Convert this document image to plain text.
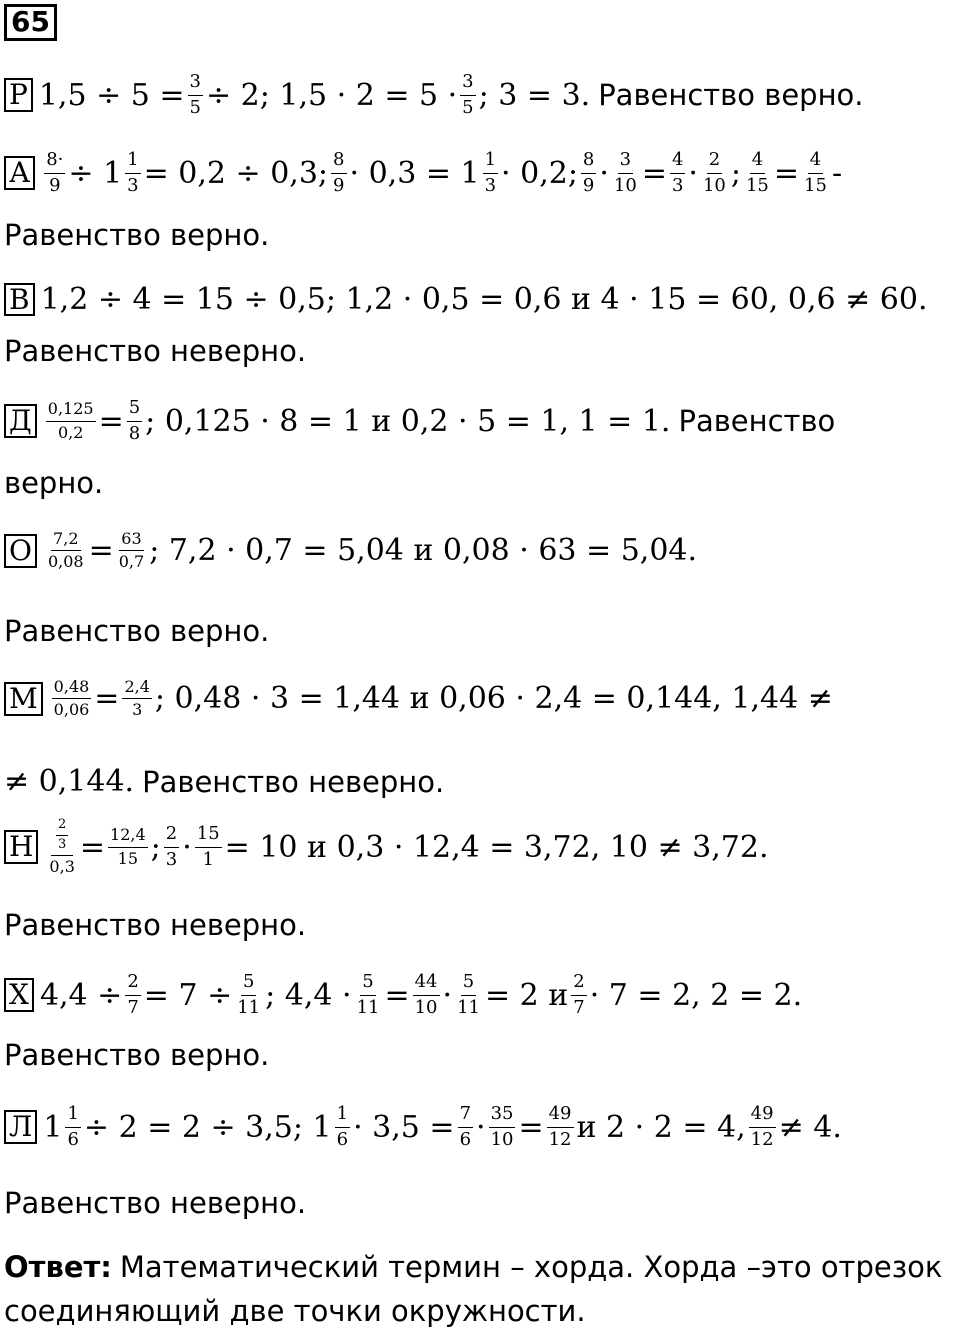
65
Р $1,5 \div 5 = \frac{3}{5} \div 2$; $1,5 \cdot 2 = 5 \cdot \frac{3}{5}$ ; 3 = 3. Равенство верно.
А $\frac{8\cdot}{9} \div 1 \frac{1}{3} = 0,2 \div 0,3$; $\frac{8}{9} \cdot 0,3 = 1 \frac{1}{3} \cdot 0,2$; $\frac{8}{9} \cdot \frac{3}{10} = \frac{4}{3} \cdot \frac{2}{10}$ ; $\frac{4}{15} = \frac{4}{15}$ -
Равенство верно.
В 1,2 ÷ 4 = 15 ÷ 0,5; 1,2 · 0,5 = 0,6 и 4 · 15 = 60, 0,6 ≠ 60.
Равенство неверно.
Д $\frac{0,125}{0,2} = \frac{5}{8}$ ; 0,125 · 8 = 1 и 0,2 · 5 = 1, 1 = 1. Равенство
верно.
О $\frac{7,2}{0,08} = \frac{63}{0,7}$ ; 7,2 · 0,7 = 5,04 и 0,08 · 63 = 5,04.
Равенство верно.
М $\frac{0,48}{0,06} = \frac{2,4}{3}$ ; 0,48 · 3 = 1,44 и 0,06 · 2,4 = 0,144, 1,44 ≠
≠ 0,144. Равенство неверно.
Н	$\frac{\frac{2}{3}}{0,3} = \frac{12,4}{15}$ ; $\frac{2}{3} \cdot \frac{15}{1} = 10$ и 0,3 · 12,4 = 3,72, 10 ≠ 3,72.
Равенство неверно.
Х $4,4 \div \frac{2}{7} = 7 \div \frac{5}{11}$ ; $4,4 \cdot \frac{5}{11} = \frac{44}{10} \cdot \frac{5}{11} = 2$ и $\frac{2}{7} \cdot 7 = 2$, 2 = 2.
Равенство верно.
Л $1 \frac{1}{6} \div 2 = 2 \div 3,5$; $1 \frac{1}{6} \cdot 3,5 = \frac{7}{6} \cdot \frac{35}{10} = \frac{49}{12}$ и 2 · 2 = 4, $\frac{49}{12} \ne 4$.
Равенство неверно.
Ответ: Математический термин – хорда. Хорда –это отрезок
соединяющий две точки окружности.
